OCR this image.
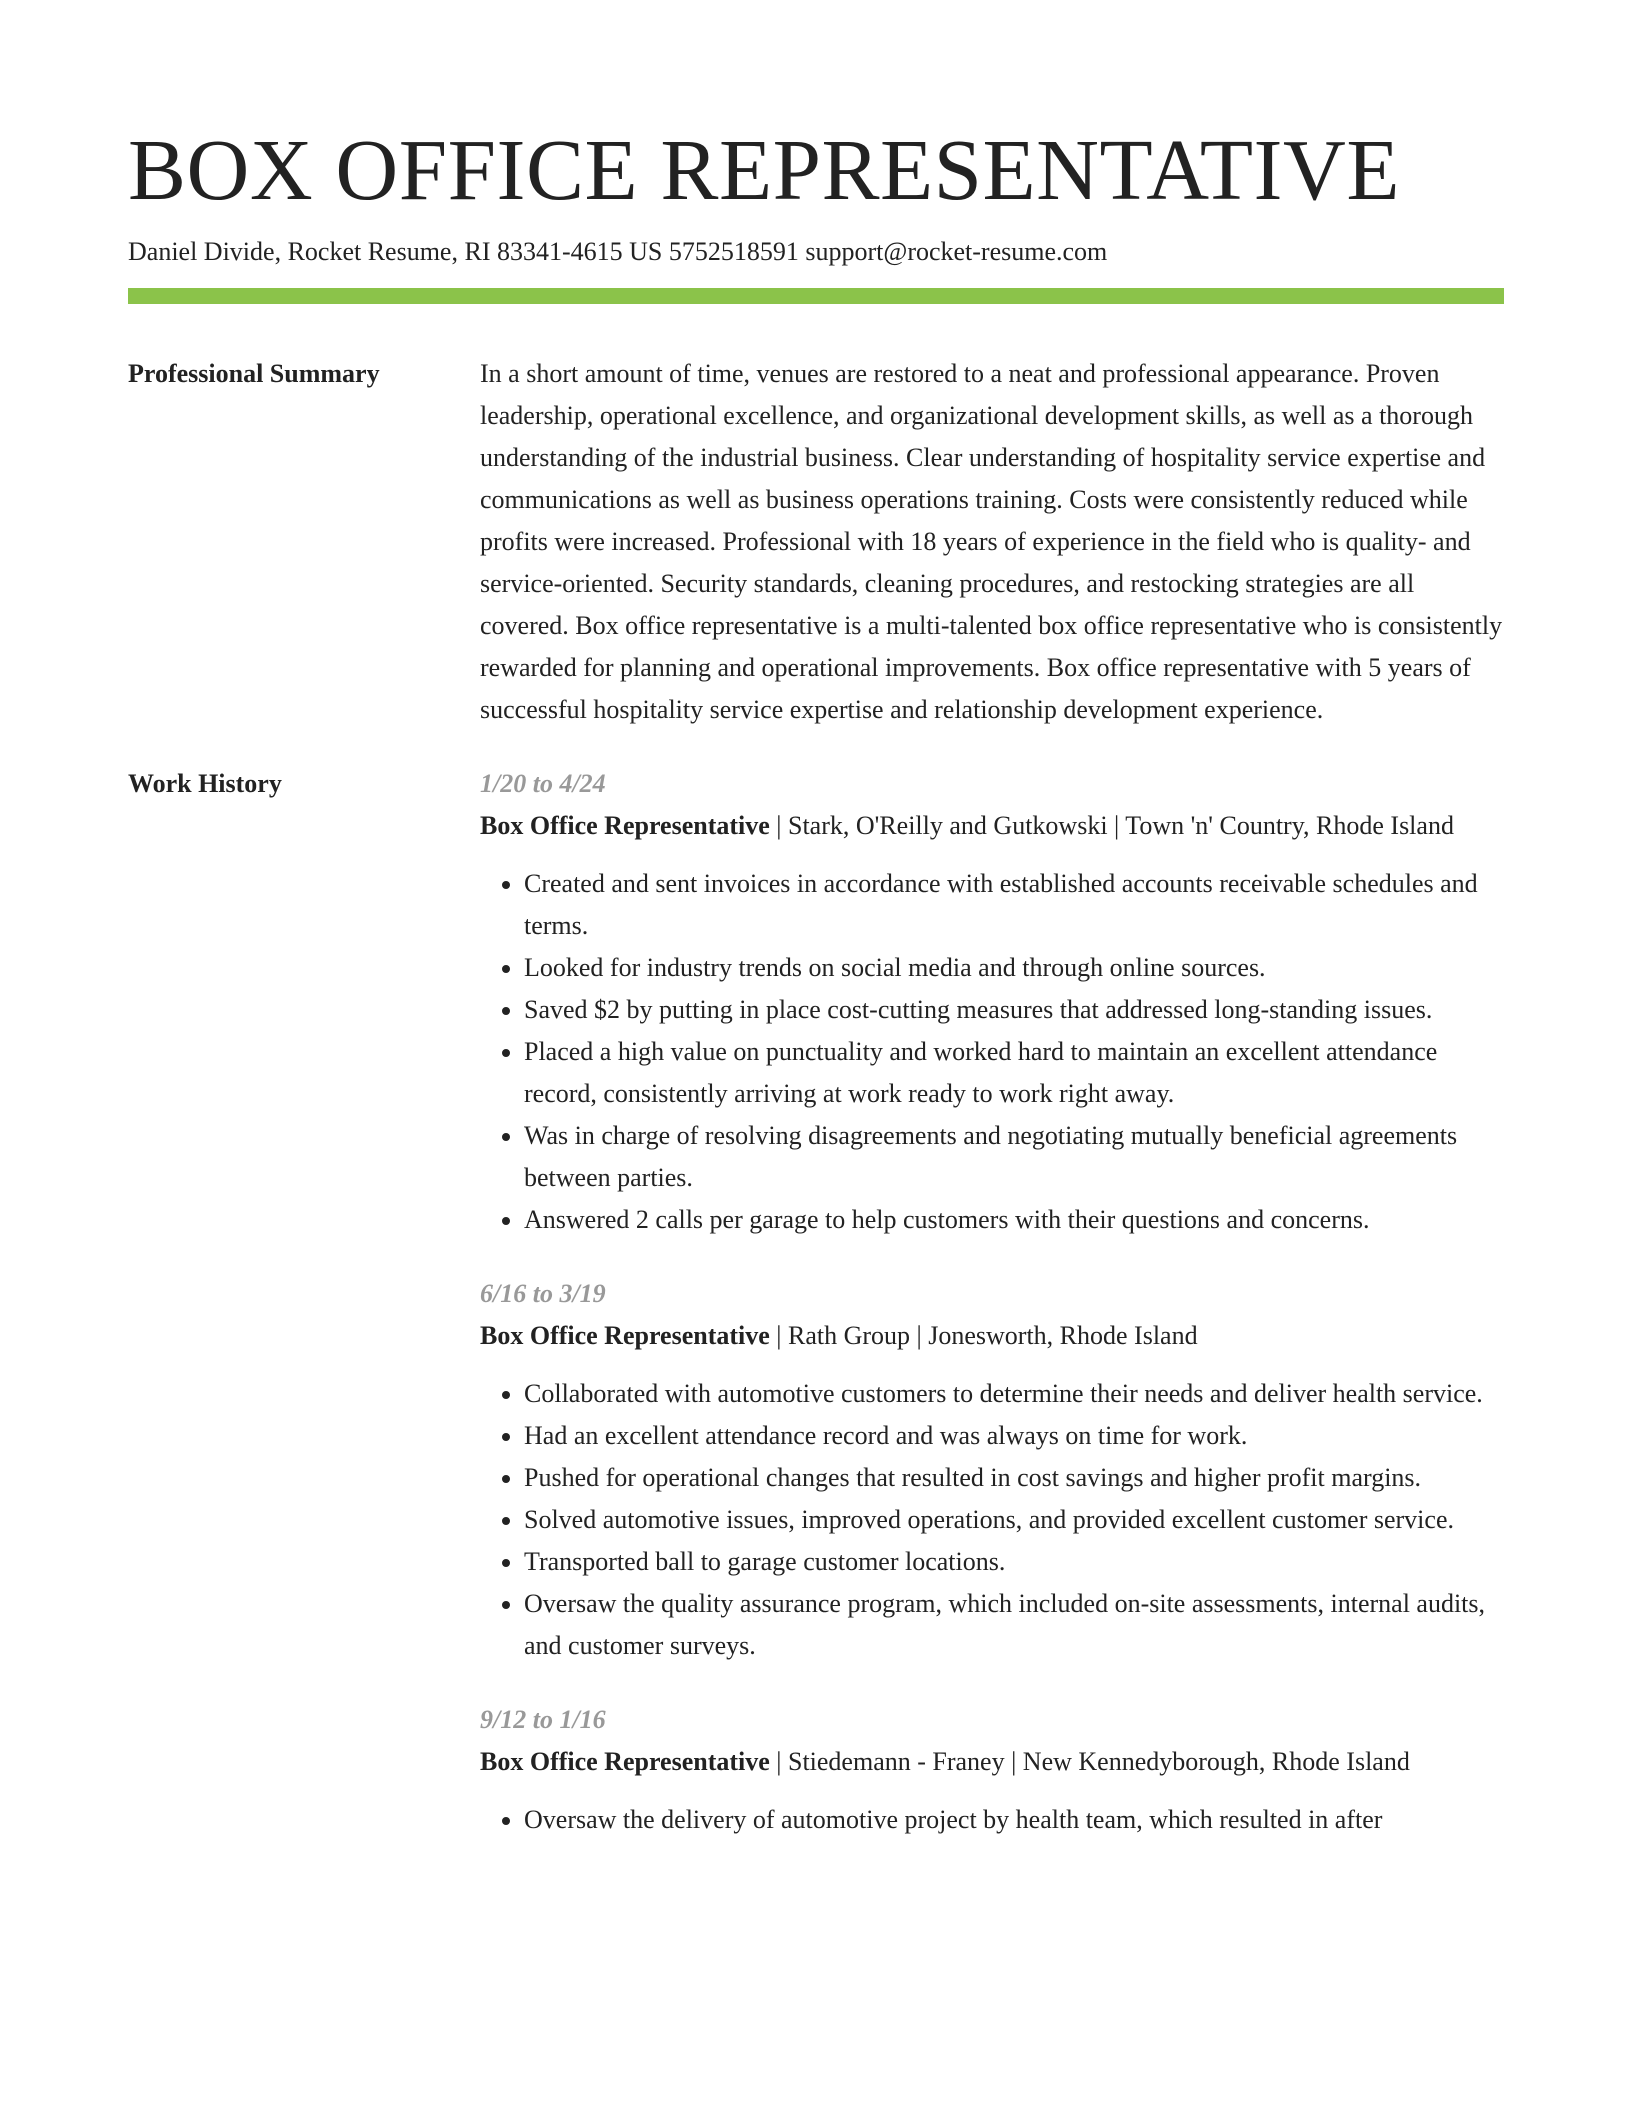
BOX OFFICE REPRESENTATIVE
Daniel Divide, Rocket Resume, RI 83341-4615 US 5752518591 support@rocket-resume.com
Professional Summary	In a short amount of time, venues are restored to a neat and professional appearance. Proven leadership, operational excellence, and organizational development skills, as well as a thorough understanding of the industrial business. Clear understanding of hospitality service expertise and communications as well as business operations training. Costs were consistently reduced while profits were increased. Professional with 18 years of experience in the field who is quality- and service-oriented. Security standards, cleaning procedures, and restocking strategies are all covered. Box office representative is a multi-talented box office representative who is consistently rewarded for planning and operational improvements. Box office representative with 5 years of successful hospitality service expertise and relationship development experience.
Work History	1/20 to 4/24
Box Office Representative | Stark, O'Reilly and Gutkowski | Town 'n' Country, Rhode Island
• Created and sent invoices in accordance with established accounts receivable schedules and terms.
• Looked for industry trends on social media and through online sources.
• Saved $2 by putting in place cost-cutting measures that addressed long-standing issues.
• Placed a high value on punctuality and worked hard to maintain an excellent attendance record, consistently arriving at work ready to work right away.
• Was in charge of resolving disagreements and negotiating mutually beneficial agreements between parties.
• Answered 2 calls per garage to help customers with their questions and concerns.
6/16 to 3/19
Box Office Representative | Rath Group | Jonesworth, Rhode Island
• Collaborated with automotive customers to determine their needs and deliver health service.
• Had an excellent attendance record and was always on time for work.
• Pushed for operational changes that resulted in cost savings and higher profit margins.
• Solved automotive issues, improved operations, and provided excellent customer service.
• Transported ball to garage customer locations.
• Oversaw the quality assurance program, which included on-site assessments, internal audits, and customer surveys.
9/12 to 1/16
Box Office Representative | Stiedemann - Franey | New Kennedyborough, Rhode Island
• Oversaw the delivery of automotive project by health team, which resulted in after
